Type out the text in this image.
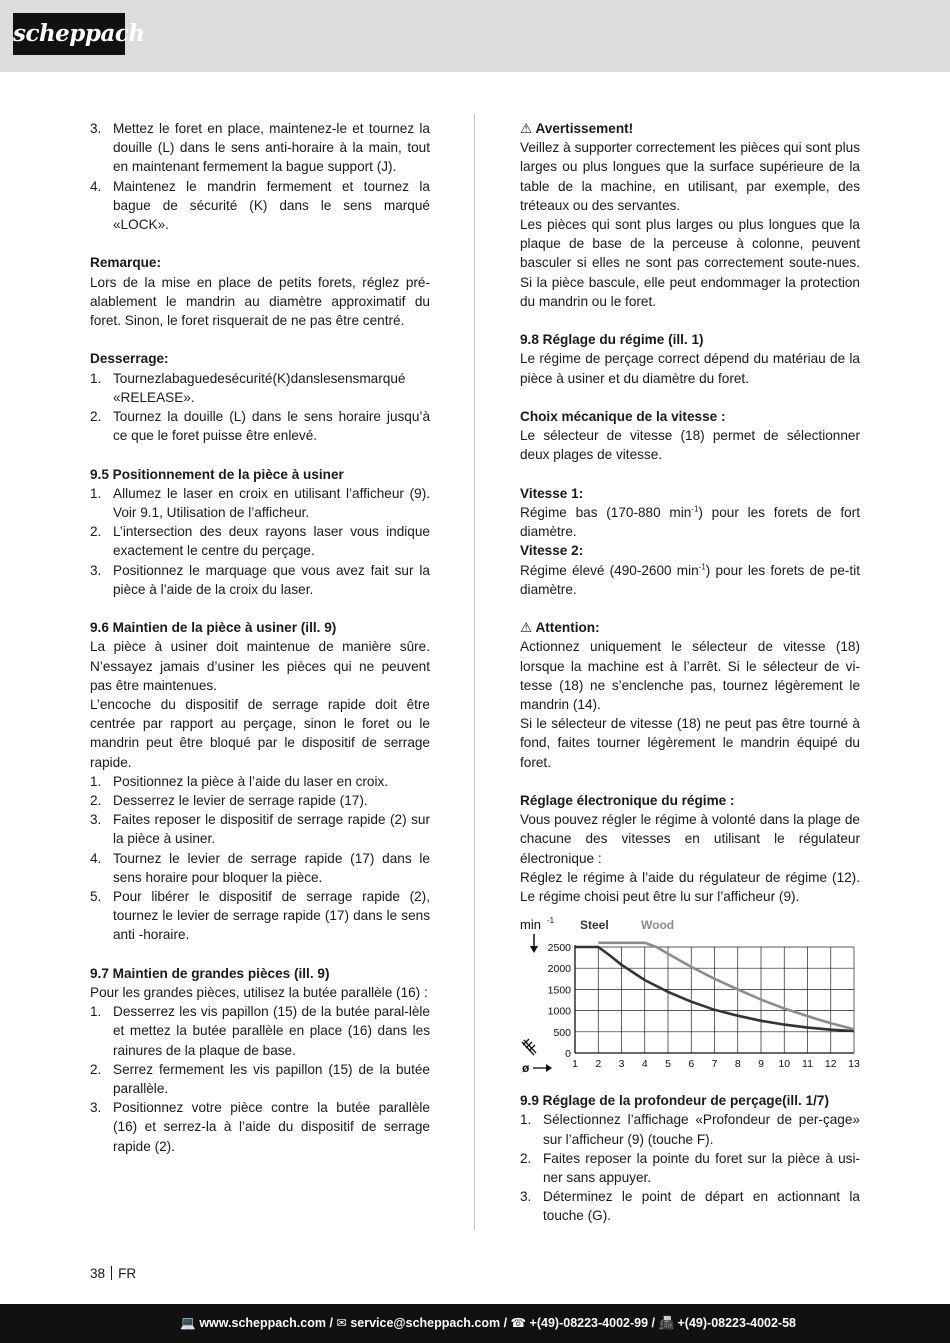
scheppach
3. Mettez le foret en place, maintenez-le et tournez la douille (L) dans le sens anti-horaire à la main, tout en maintenant fermement la bague support (J).
4. Maintenez le mandrin fermement et tournez la bague de sécurité (K) dans le sens marqué «LOCK».

Remarque:

Lors de la mise en place de petits forets, réglez pré-alablement le mandrin au diamètre approximatif du foret. Sinon, le foret risquerait de ne pas être centré.

Desserrage:

1. Tournezlabaguedesécurité(K)danslesensmarqué «RELEASE».
2. Tournez la douille (L) dans le sens horaire jusqu’à ce que le foret puisse être enlevé.

9.5 Positionnement de la pièce à usiner

1. Allumez le laser en croix en utilisant l’afficheur (9). Voir 9.1, Utilisation de l’afficheur.
2. L’intersection des deux rayons laser vous indique exactement le centre du perçage.
3. Positionnez le marquage que vous avez fait sur la pièce à l’aide de la croix du laser.

9.6 Maintien de la pièce à usiner (ill. 9)

La pièce à usiner doit maintenue de manière sûre. N’essayez jamais d’usiner les pièces qui ne peuvent pas être maintenues.

L’encoche du dispositif de serrage rapide doit être centrée par rapport au perçage, sinon le foret ou le mandrin peut être bloqué par le dispositif de serrage rapide.

1. Positionnez la pièce à l’aide du laser en croix.
2. Desserrez le levier de serrage rapide (17).
3. Faites reposer le dispositif de serrage rapide (2) sur la pièce à usiner.
4. Tournez le levier de serrage rapide (17) dans le sens horaire pour bloquer la pièce.
5. Pour libérer le dispositif de serrage rapide (2), tournez le levier de serrage rapide (17) dans le sens anti -horaire.

9.7 Maintien de grandes pièces (ill. 9)

Pour les grandes pièces, utilisez la butée parallèle (16) :

1. Desserrez les vis papillon (15) de la butée paral-lèle et mettez la butée parallèle en place (16) dans les rainures de la plaque de base.
2. Serrez fermement les vis papillon (15) de la butée parallèle.
3. Positionnez votre pièce contre la butée parallèle (16) et serrez-la à l’aide du dispositif de serrage rapide (2).

⚠ Avertissement!

Veillez à supporter correctement les pièces qui sont plus larges ou plus longues que la surface supérieure de la table de la machine, en utilisant, par exemple, des tréteaux ou des servantes.

Les pièces qui sont plus larges ou plus longues que la plaque de base de la perceuse à colonne, peuvent basculer si elles ne sont pas correctement soute-nues. Si la pièce bascule, elle peut endommager la protection du mandrin ou le foret.

9.8 Réglage du régime (ill. 1)

Le régime de perçage correct dépend du matériau de la pièce à usiner et du diamètre du foret.

Choix mécanique de la vitesse :

Le sélecteur de vitesse (18) permet de sélectionner deux plages de vitesse.

Vitesse 1:

Régime bas (170-880 $\min^{-1}$) pour les forets de fort diamètre.

Vitesse 2:

Régime élevé (490-2600 $\min^{-1}$) pour les forets de pe-tit diamètre.

⚠ Attention:

Actionnez uniquement le sélecteur de vitesse (18) lorsque la machine est à l’arrêt. Si le sélecteur de vi-tesse (18) ne s’enclenche pas, tournez légèrement le mandrin (14).

Si le sélecteur de vitesse (18) ne peut pas être tourné à fond, faites tourner légèrement le mandrin équipé du foret.

Réglage électronique du régime :

Vous pouvez régler le régime à volonté dans la plage de chacune des vitesses en utilisant le régulateur électronique :

Réglez le régime à l’aide du régulateur de régime (12). Le régime choisi peut être lu sur l’afficheur (9).

0
500
1000
1500
2000
2500
1 2 3 4 5 6 7 8 9 10 11 12 13
Steel	Wood
min -1
ø

9.9 Réglage de la profondeur de perçage(ill. 1/7)

1. Sélectionnez l’affichage «Profondeur de per-çage» sur l’afficheur (9) (touche F).
2. Faites reposer la pointe du foret sur la pièce à usi-ner sans appuyer.
3. Déterminez le point de départ en actionnant la touche (G).
38 FR
💻 www.scheppach.com / ✉ service@scheppach.com / ☎ +(49)-08223-4002-99 / 📠 +(49)-08223-4002-58
